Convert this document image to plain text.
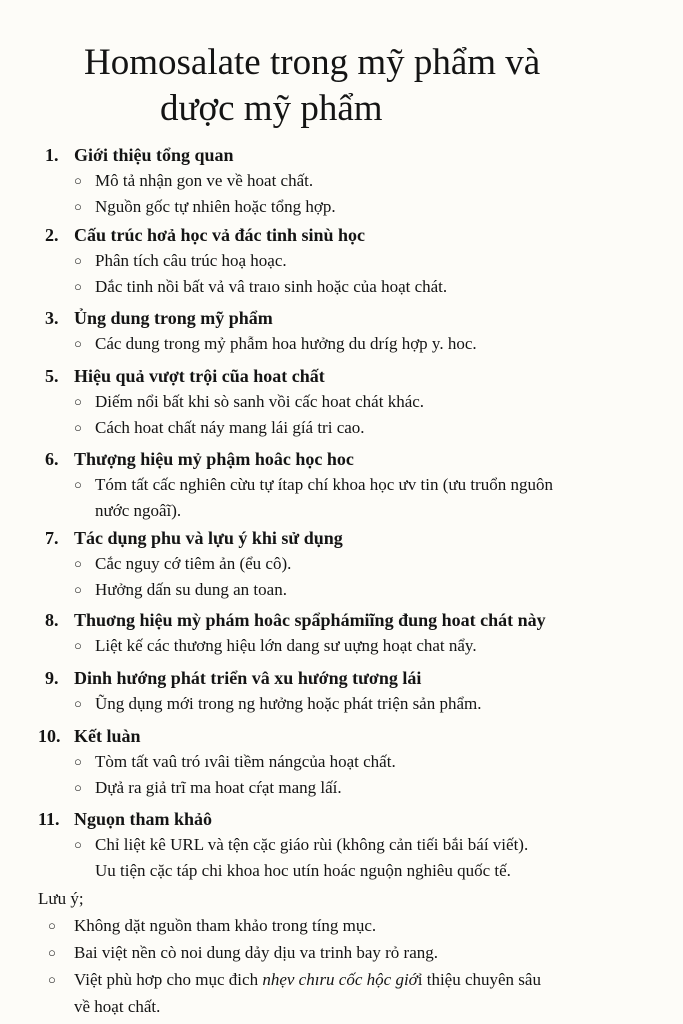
Homosalate trong mỹ phẩm và
dược mỹ phẩm
1. Giới thiệu tổng quan
○ Mô tả nhận gon ve về hoat chất.
○ Nguồn gốc tự nhiên hoặc tổng hợp.
2. Cấu trúc hơả học vả đác tinh sinù học
○ Phân tích câu trúc hoạ hoạc.
○ Dắc tinh nồi bất vả vâ traıo sinh hoặc của hoạt chát.
3. Ủng dung trong mỹ phẩm
○ Các dung trong mỷ phẫm hoa hưởng du dríg hợp y. hoc.
5. Hiệu quả vượt trội cũa hoat chất
○ Diếm nổi bất khi sò sanh vồi cấc hoat chát khác.
○ Cách hoat chất náy mang lái gíá tri cao.
6. Thượng hiệu mỷ phậm hoâc học hoc
○ Tóm tất cấc nghiên cừu tự ítap chí khoa học ưv tin (ưu truổn nguôn
nước ngoâĩ).
7. Tác dụng phu và lựu ý khi sử dụng
○ Cắc nguy cớ tiêm ản (ểu cô).
○ Hưởng dấn su dung an toan.
8. Thuơng hiệu mỳ phám hoâc spẩphámiĩng đung hoat chát này
○ Liệt kế các thương hiệu lớn dang sư uựng hoạt chat nẩy.
9. Dinh hướng phát triển vâ xu hướng tương lái
○ Ũng dụng mới trong ng hưởng hoặc phát triện sản phẩm.
10. Kết luàn
○ Tòm tất vaû tró ıvâi tiềm nángcủa hoạt chất.
○ Dựả ra giả trĩ ma hoat cŕạt mang lấí.
11. Nguọn tham khảô
○ Chỉ liệt kê URL và tện cặc giáo rùi (không cản tiếi bắi báí viết).
Uu tiện cặc táp chi khoa hoc utín hoác nguộn nghiêu quốc tế.
Lưu ý;
○ Không dặt nguồn tham khảo trong tíng mục.
○ Bai việt nền cò noi dung dảy dịu va trinh bay rỏ rang.
○ Việt phù hơp cho mục đich nhẹv chıru cốc hộc giớỉ thiệu chuyên sâu
về hoạt chất.
